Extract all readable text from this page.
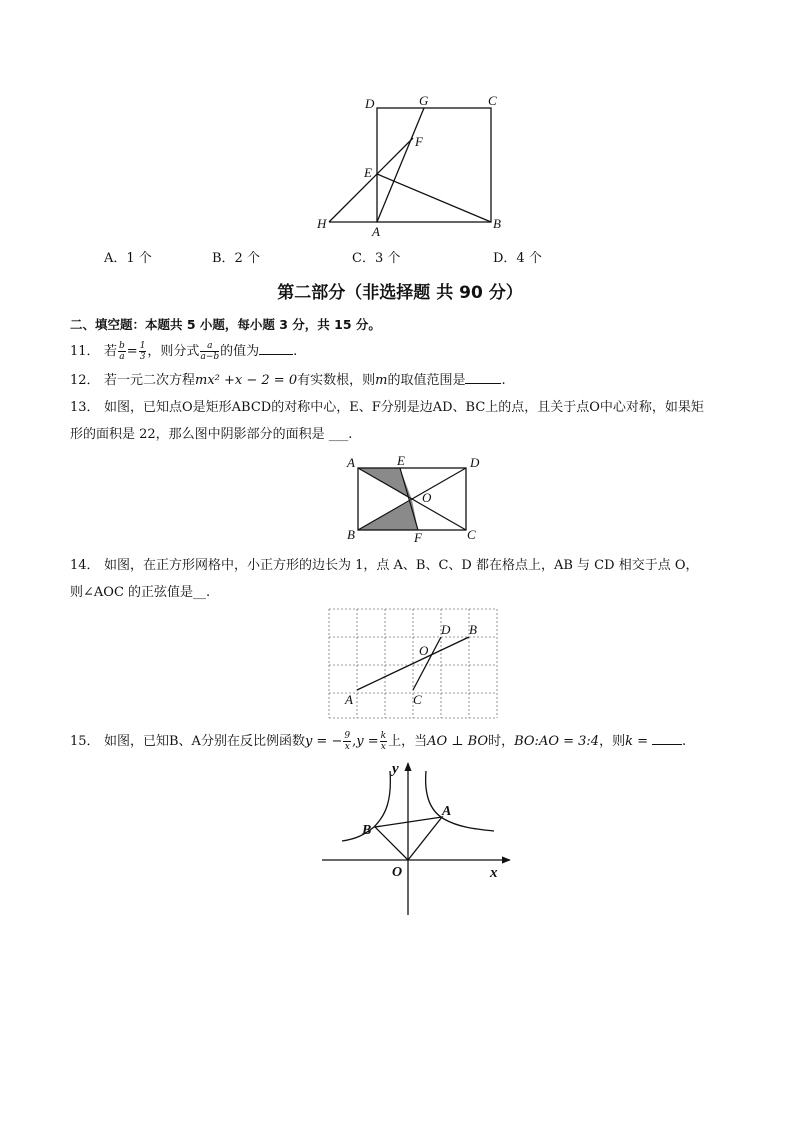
D	G	C
F
E
H
A
B
A．1 个	B．2 个	C．3 个	D．4 个
第二部分（非选择题 共 90 分）
二、填空题：本题共 5 小题，每小题 3 分，共 15 分。
11． 若 $\frac{b}{a} = \frac{1}{3}$ ，则分式 $\frac{a}{a-b}$ 的值为	.
12． 若一元二次方程mx² +x − 2 = 0有实数根，则m的取值范围是	.
13． 如图，已知点O是矩形ABCD的对称中心，E、F分别是边AD、BC上的点，且关于点O中心对称，如果矩
形的面积是 22，那么图中阴影部分的面积是 ___.
A	E	D
O
B	F	C
14． 如图，在正方形网格中，小正方形的边长为 1，点 A、B、C、D 都在格点上，AB 与 CD 相交于点 O，
则∠AOC 的正弦值是__.
D B
O
A	C
15． 如图，已知B、A分别在反比例函数y = − $\frac{9}{x} ,y = \frac{k}{x}$ 上，当AO ⊥ BO时，BO:AO = 3:4，则k =	.
y
x
O
A
B
